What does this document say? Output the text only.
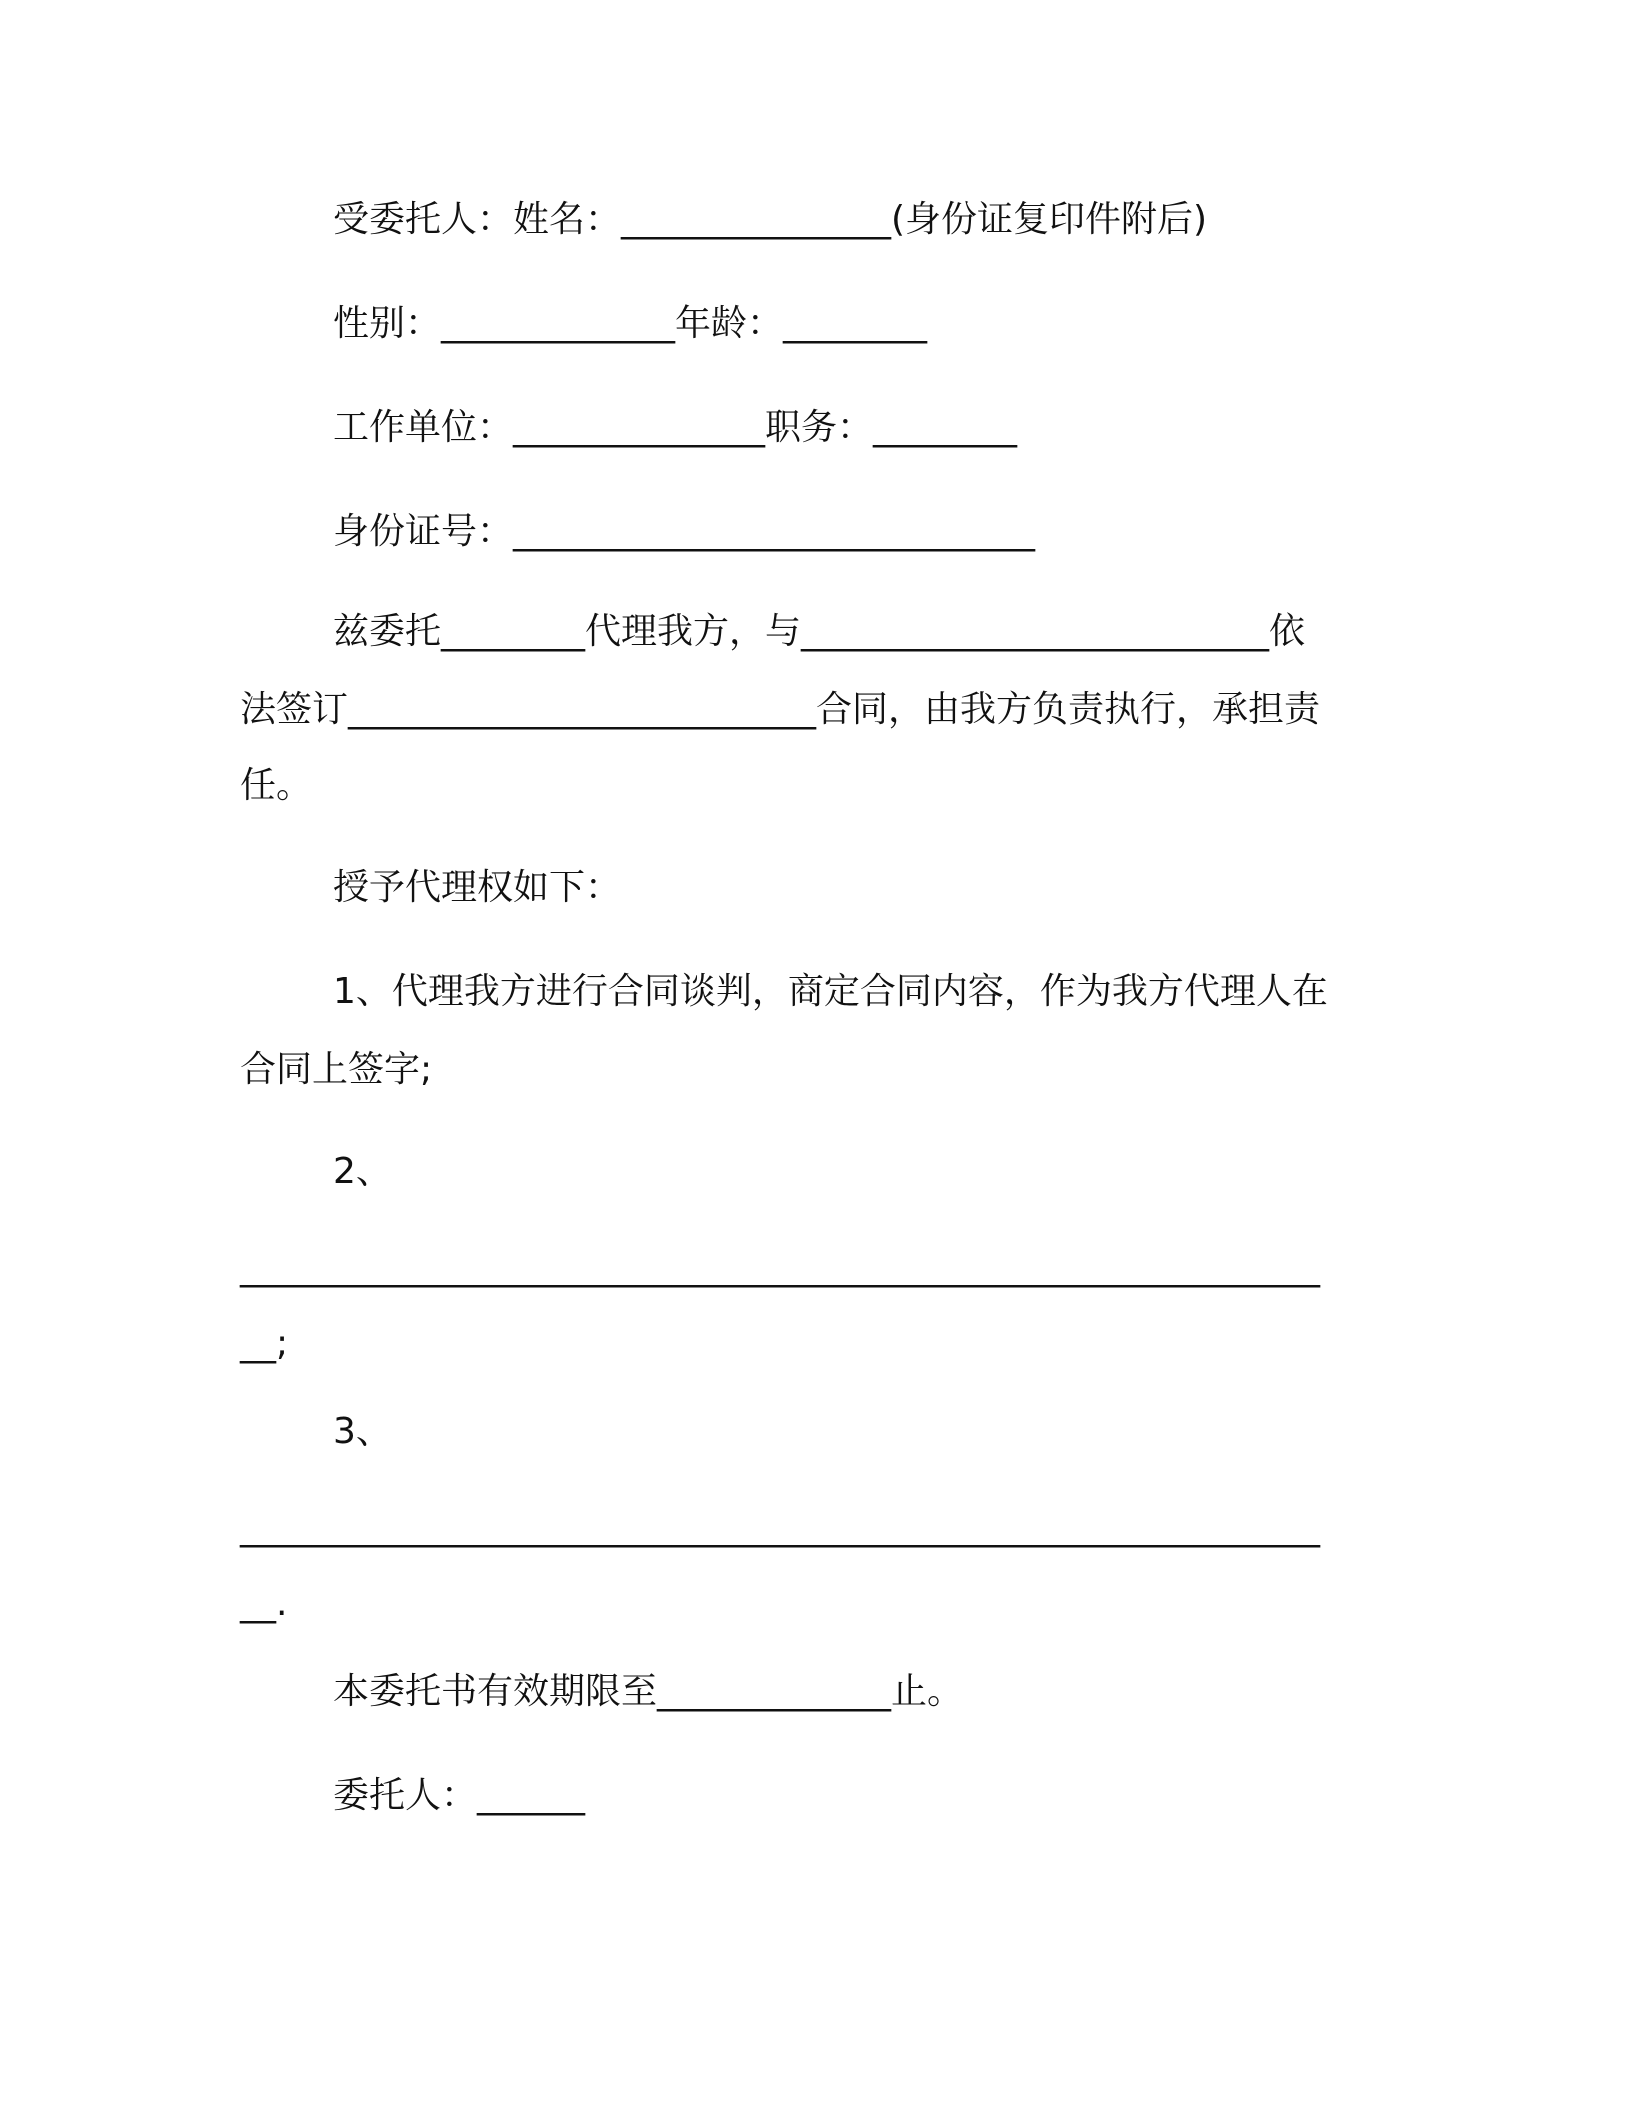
受委托人：姓名：_______________(身份证复印件附后)
性别：_____________年龄：________
工作单位：______________职务：________
身份证号：_____________________________
兹委托________代理我方，与__________________________依
法签订__________________________合同，由我方负责执行，承担责
任。
授予代理权如下：
1、代理我方进行合同谈判，商定合同内容，作为我方代理人在
合同上签字;
2、
____________________________________________________________
__;
3、
____________________________________________________________
__.
本委托书有效期限至_____________止。
委托人：______
